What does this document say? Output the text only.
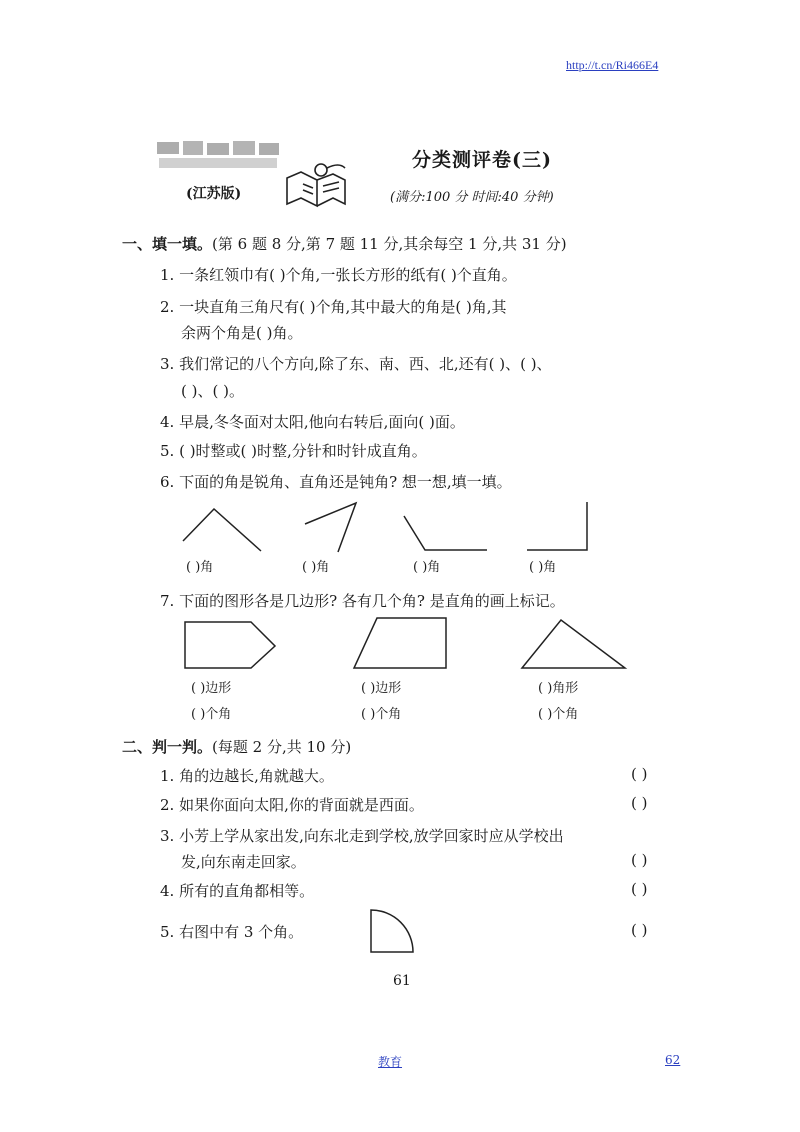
http://t.cn/Ri466E4
分类测评卷(三)
(江苏版)	(满分:100 分 时间:40 分钟)
一、填一填。(第 6 题 8 分,第 7 题 11 分,其余每空 1 分,共 31 分)
1. 一条红领巾有( )个角,一张长方形的纸有( )个直角。
2. 一块直角三角尺有( )个角,其中最大的角是( )角,其
余两个角是( )角。
3. 我们常记的八个方向,除了东、南、西、北,还有( )、( )、
( )、( )。
4. 早晨,冬冬面对太阳,他向右转后,面向( )面。
5. ( )时整或( )时整,分针和时针成直角。
6. 下面的角是锐角、直角还是钝角? 想一想,填一填。
( )角	( )角	( )角	( )角
7. 下面的图形各是几边形? 各有几个角? 是直角的画上标记。
( )边形	( )边形	( )角形
( )个角	( )个角	( )个角
二、判一判。(每题 2 分,共 10 分)
1. 角的边越长,角就越大。	( )
2. 如果你面向太阳,你的背面就是西面。	( )
3. 小芳上学从家出发,向东北走到学校,放学回家时应从学校出
发,向东南走回家。	( )
4. 所有的直角都相等。	( )
5. 右图中有 3 个角。	( )
61
教育	62
